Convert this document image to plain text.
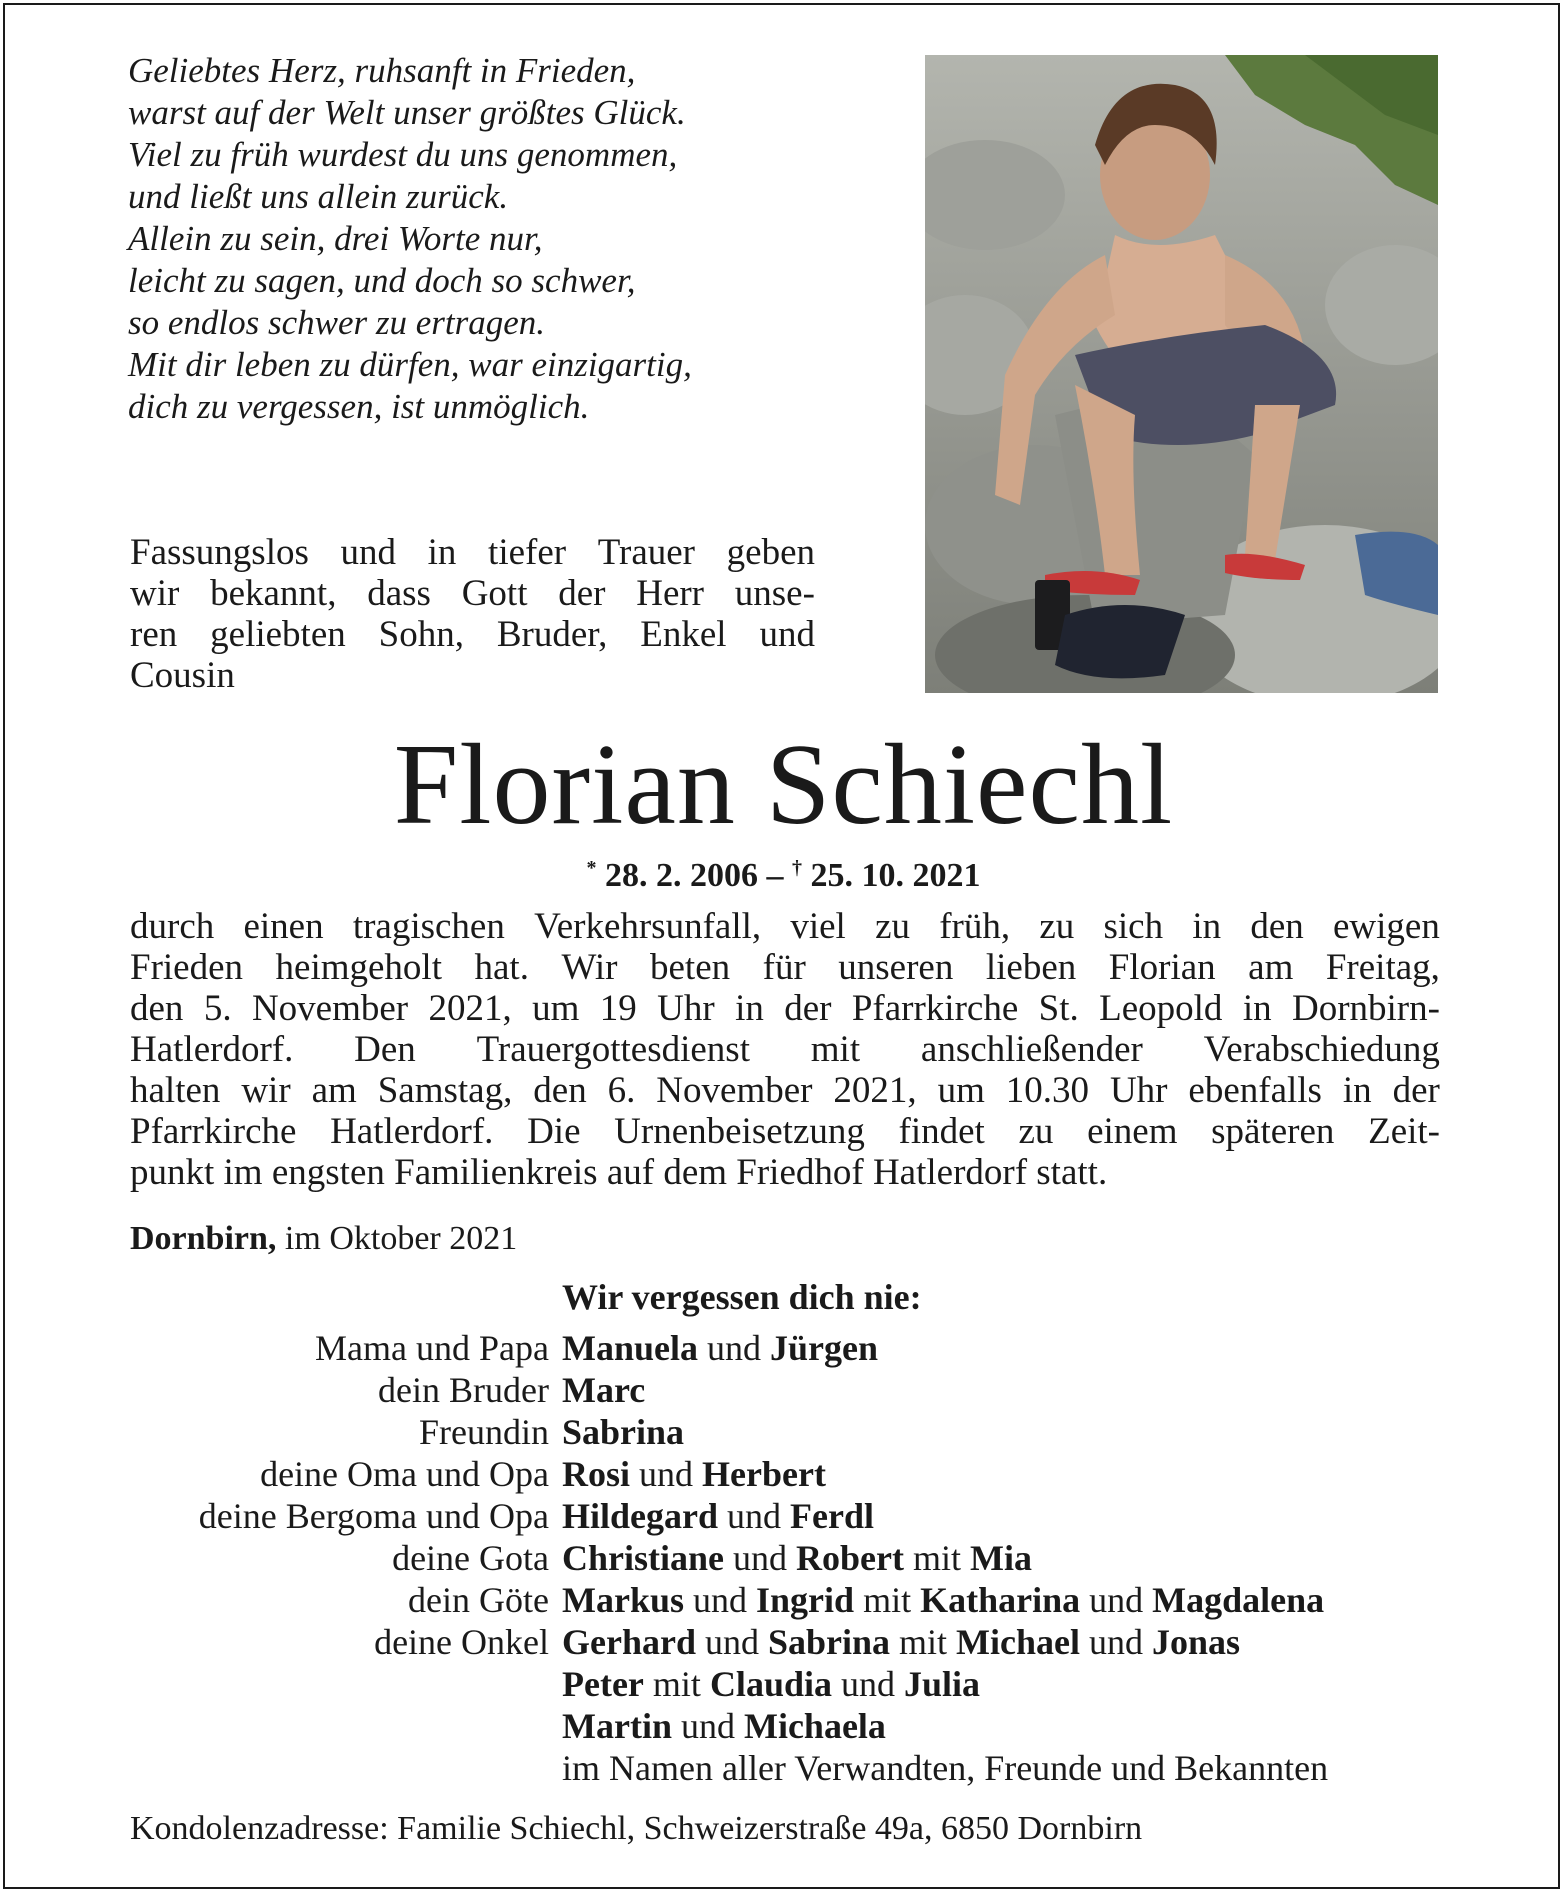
Geliebtes Herz, ruhsanft in Frieden,
warst auf der Welt unser größtes Glück.
Viel zu früh wurdest du uns genommen,
und ließt uns allein zurück.
Allein zu sein, drei Worte nur,
leicht zu sagen, und doch so schwer,
so endlos schwer zu ertragen.
Mit dir leben zu dürfen, war einzigartig,
dich zu vergessen, ist unmöglich.
Fassungslos und in tiefer Trauer geben
wir bekannt, dass Gott der Herr unse-
ren geliebten Sohn, Bruder, Enkel und
Cousin
Florian Schiechl
* 28. 2. 2006 – † 25. 10. 2021
durch einen tragischen Verkehrsunfall, viel zu früh, zu sich in den ewigen
Frieden heimgeholt hat. Wir beten für unseren lieben Florian am Freitag,
den 5. November 2021, um 19 Uhr in der Pfarrkirche St. Leopold in Dornbirn-
Hatlerdorf. Den Trauergottesdienst mit anschließender Verabschiedung
halten wir am Samstag, den 6. November 2021, um 10.30 Uhr ebenfalls in der
Pfarrkirche Hatlerdorf. Die Urnenbeisetzung findet zu einem späteren Zeit-
punkt im engsten Familienkreis auf dem Friedhof Hatlerdorf statt.
Dornbirn, im Oktober 2021
Wir vergessen dich nie:
Mama und Papa Manuela und Jürgen
dein Bruder Marc
Freundin Sabrina
deine Oma und Opa Rosi und Herbert
deine Bergoma und Opa Hildegard und Ferdl
deine Gota Christiane und Robert mit Mia
dein Göte Markus und Ingrid mit Katharina und Magdalena
deine Onkel Gerhard und Sabrina mit Michael und Jonas
Peter mit Claudia und Julia
Martin und Michaela
im Namen aller Verwandten, Freunde und Bekannten
Kondolenzadresse: Familie Schiechl, Schweizerstraße 49a, 6850 Dornbirn
